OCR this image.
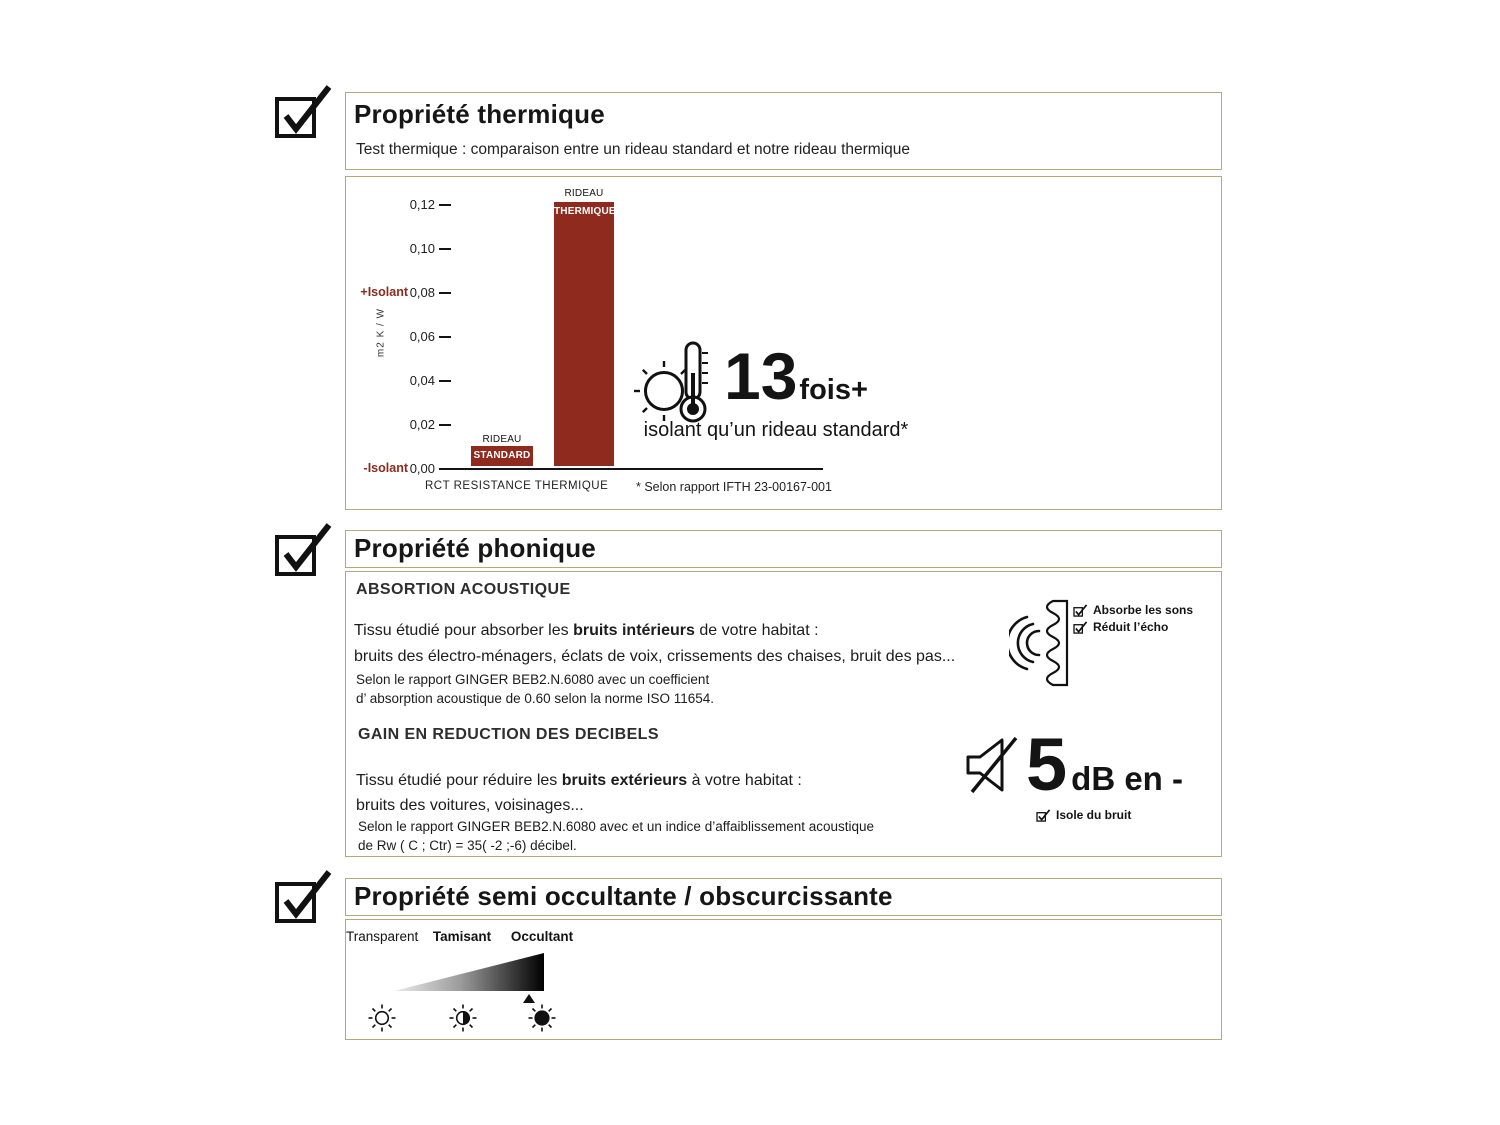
Propriété thermique
Test thermique : comparaison entre un rideau standard et notre rideau thermique
m2 K / W
+Isolant
-Isolant
0,12
0,10
0,08
0,06
0,04
0,02
0,00
RIDEAU
STANDARD
RIDEAU
THERMIQUE
RCT RESISTANCE THERMIQUE * Selon rapport IFTH 23-00167-001
13 fois+
isolant qu’un rideau standard*
Propriété phonique
ABSORTION ACOUSTIQUE
Tissu étudié pour absorber les bruits intérieurs de votre habitat :
bruits des électro-ménagers, éclats de voix, crissements des chaises, bruit des pas...
Selon le rapport GINGER BEB2.N.6080 avec un coefficient
d’ absorption acoustique de 0.60 selon la norme ISO 11654.
GAIN EN REDUCTION DES DECIBELS
Tissu étudié pour réduire les bruits extérieurs à votre habitat :
bruits des voitures, voisinages...
Selon le rapport GINGER BEB2.N.6080 avec et un indice d’affaiblissement acoustique
de Rw ( C ; Ctr) = 35( -2 ;-6) décibel.
Absorbe les sons
Réduit l’écho
5 dB en -
Isole du bruit
Propriété semi occultante / obscurcissante
Transparent Tamisant Occultant
